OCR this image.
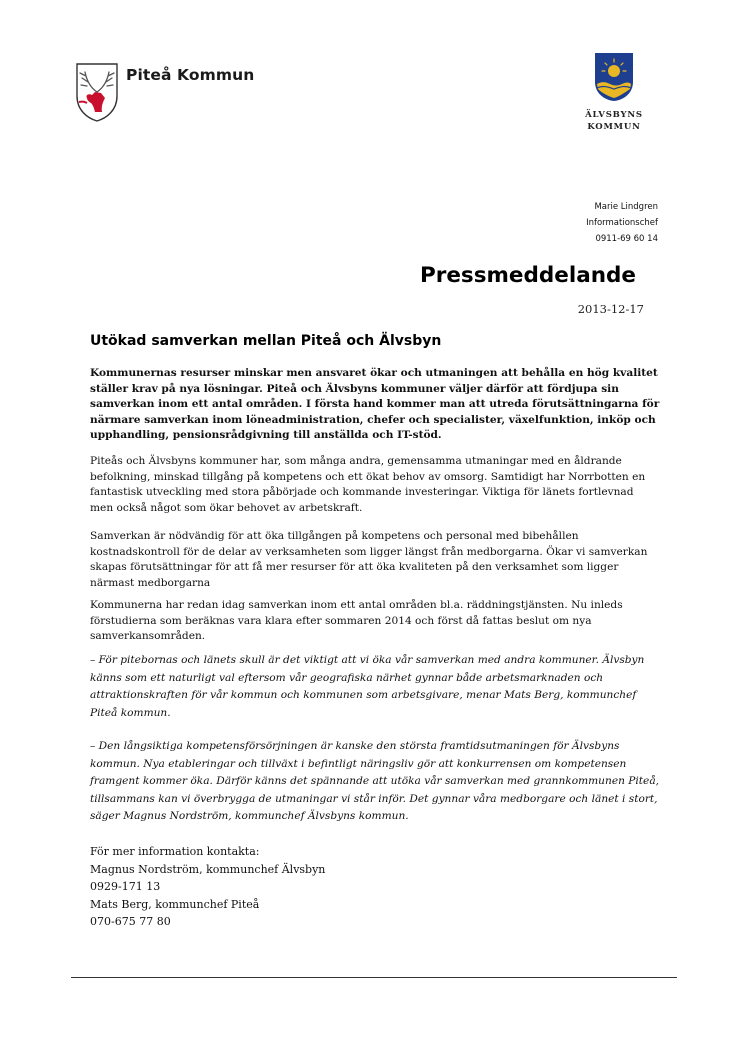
Piteå Kommun
ÄLVSBYNS
KOMMUN
Marie Lindgren
Informationschef
0911-69 60 14
Pressmeddelande
2013-12-17
Utökad samverkan mellan Piteå och Älvsbyn

Kommunernas resurser minskar men ansvaret ökar och utmaningen att behålla en hög kvalitet ställer krav på nya lösningar. Piteå och Älvsbyns kommuner väljer därför att fördjupa sin samverkan inom ett antal områden. I första hand kommer man att utreda förutsättningarna för närmare samverkan inom löneadministration, chefer och specialister, växelfunktion, inköp och upphandling, pensionsrådgivning till anställda och IT-stöd.

Piteås och Älvsbyns kommuner har, som många andra, gemensamma utmaningar med en åldrande befolkning, minskad tillgång på kompetens och ett ökat behov av omsorg. Samtidigt har Norrbotten en fantastisk utveckling med stora påbörjade och kommande investeringar. Viktiga för länets fortlevnad men också något som ökar behovet av arbetskraft.

Samverkan är nödvändig för att öka tillgången på kompetens och personal med bibehållen kostnadskontroll för de delar av verksamheten som ligger längst från medborgarna. Ökar vi samverkan skapas förutsättningar för att få mer resurser för att öka kvaliteten på den verksamhet som ligger närmast medborgarna

Kommunerna har redan idag samverkan inom ett antal områden bl.a. räddningstjänsten. Nu inleds förstudierna som beräknas vara klara efter sommaren 2014 och först då fattas beslut om nya samverkansområden.

– För pitebornas och länets skull är det viktigt att vi öka vår samverkan med andra kommuner. Älvsbyn känns som ett naturligt val eftersom vår geografiska närhet gynnar både arbetsmarknaden och attraktionskraften för vår kommun och kommunen som arbetsgivare, menar Mats Berg, kommunchef Piteå kommun.

– Den långsiktiga kompetensförsörjningen är kanske den största framtidsutmaningen för Älvsbyns kommun. Nya etableringar och tillväxt i befintligt näringsliv gör att konkurrensen om kompetensen framgent kommer öka. Därför känns det spännande att utöka vår samverkan med grannkommunen Piteå, tillsammans kan vi överbrygga de utmaningar vi står inför. Det gynnar våra medborgare och länet i stort, säger Magnus Nordström, kommunchef Älvsbyns kommun.

För mer information kontakta:
Magnus Nordström, kommunchef Älvsbyn
0929-171 13
Mats Berg, kommunchef Piteå
070-675 77 80
